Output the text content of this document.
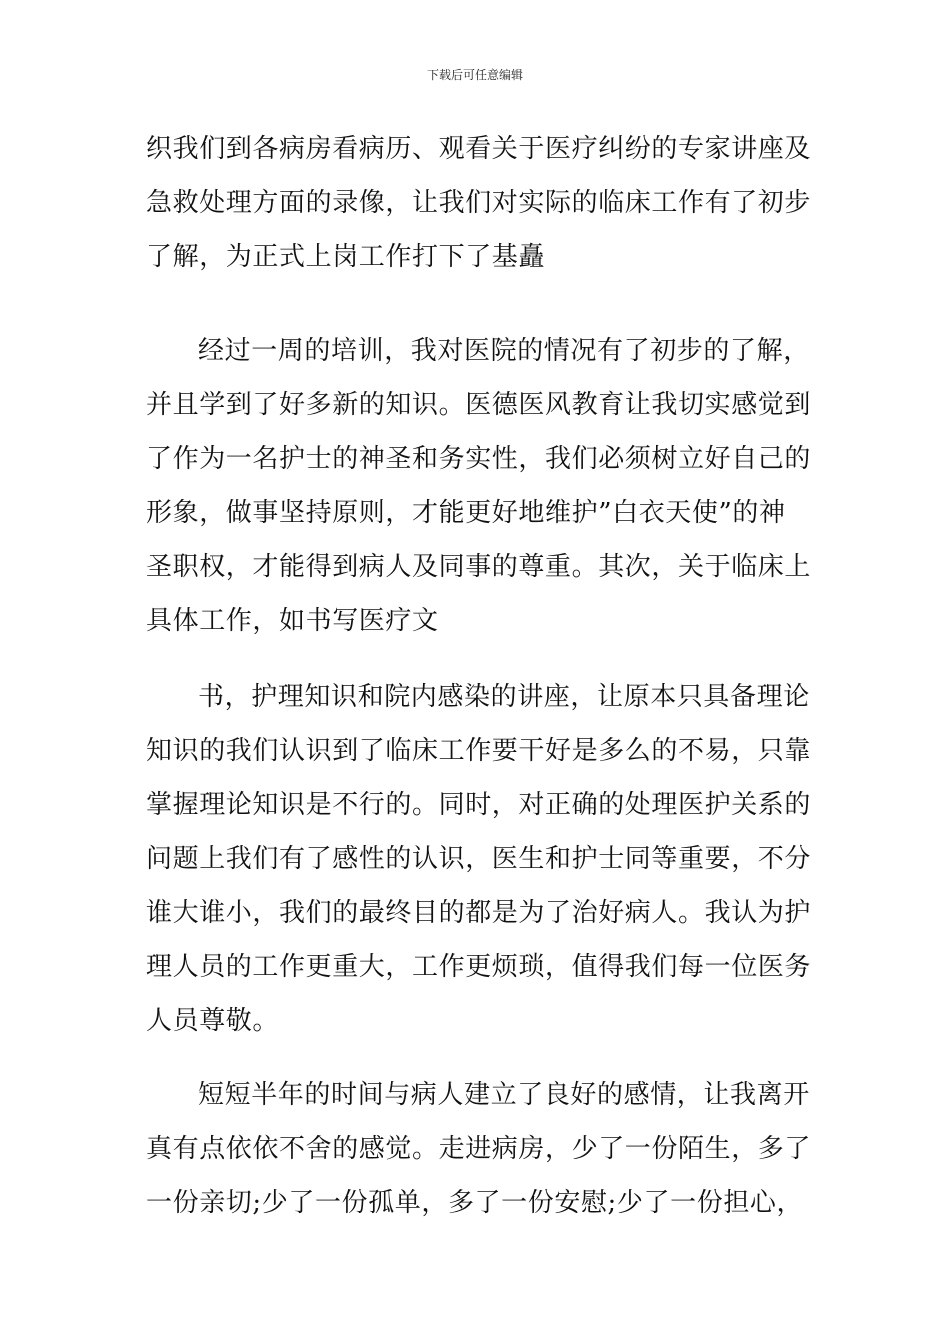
下载后可任意编辑
织我们到各病房看病历、观看关于医疗纠纷的专家讲座及
急救处理方面的录像，让我们对实际的临床工作有了初步
了解，为正式上岗工作打下了基矗
经过一周的培训，我对医院的情况有了初步的了解，
并且学到了好多新的知识。医德医风教育让我切实感觉到
了作为一名护士的神圣和务实性，我们必须树立好自己的
形象，做事坚持原则，才能更好地维护”白衣天使”的神
圣职权，才能得到病人及同事的尊重。其次，关于临床上
具体工作，如书写医疗文
书，护理知识和院内感染的讲座，让原本只具备理论
知识的我们认识到了临床工作要干好是多么的不易，只靠
掌握理论知识是不行的。同时，对正确的处理医护关系的
问题上我们有了感性的认识，医生和护士同等重要，不分
谁大谁小，我们的最终目的都是为了治好病人。我认为护
理人员的工作更重大，工作更烦琐，值得我们每一位医务
人员尊敬。
短短半年的时间与病人建立了良好的感情，让我离开
真有点依依不舍的感觉。走进病房，少了一份陌生，多了
一份亲切;少了一份孤单，多了一份安慰;少了一份担心，
